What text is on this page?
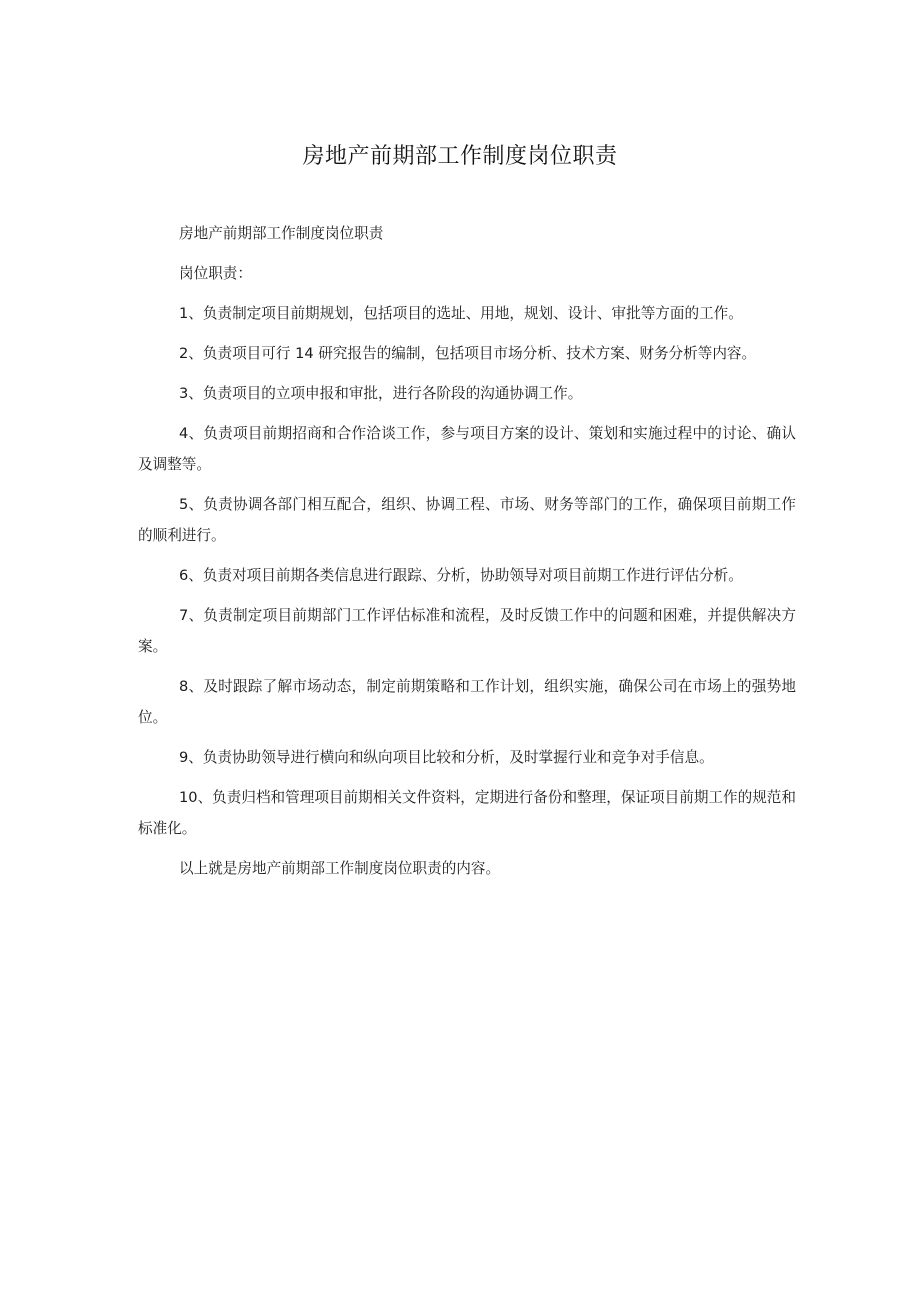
房地产前期部工作制度岗位职责

房地产前期部工作制度岗位职责

岗位职责：

1、负责制定项目前期规划，包括项目的选址、用地，规划、设计、审批等方面的工作。

2、负责项目可行 14 研究报告的编制，包括项目市场分析、技术方案、财务分析等内容。

3、负责项目的立项申报和审批，进行各阶段的沟通协调工作。

4、负责项目前期招商和合作洽谈工作，参与项目方案的设计、策划和实施过程中的讨论、确认及调整等。

5、负责协调各部门相互配合，组织、协调工程、市场、财务等部门的工作，确保项目前期工作的顺利进行。

6、负责对项目前期各类信息进行跟踪、分析，协助领导对项目前期工作进行评估分析。

7、负责制定项目前期部门工作评估标准和流程，及时反馈工作中的问题和困难，并提供解决方案。

8、及时跟踪了解市场动态，制定前期策略和工作计划，组织实施，确保公司在市场上的强势地位。

9、负责协助领导进行横向和纵向项目比较和分析，及时掌握行业和竞争对手信息。

10、负责归档和管理项目前期相关文件资料，定期进行备份和整理，保证项目前期工作的规范和标准化。

以上就是房地产前期部工作制度岗位职责的内容。
